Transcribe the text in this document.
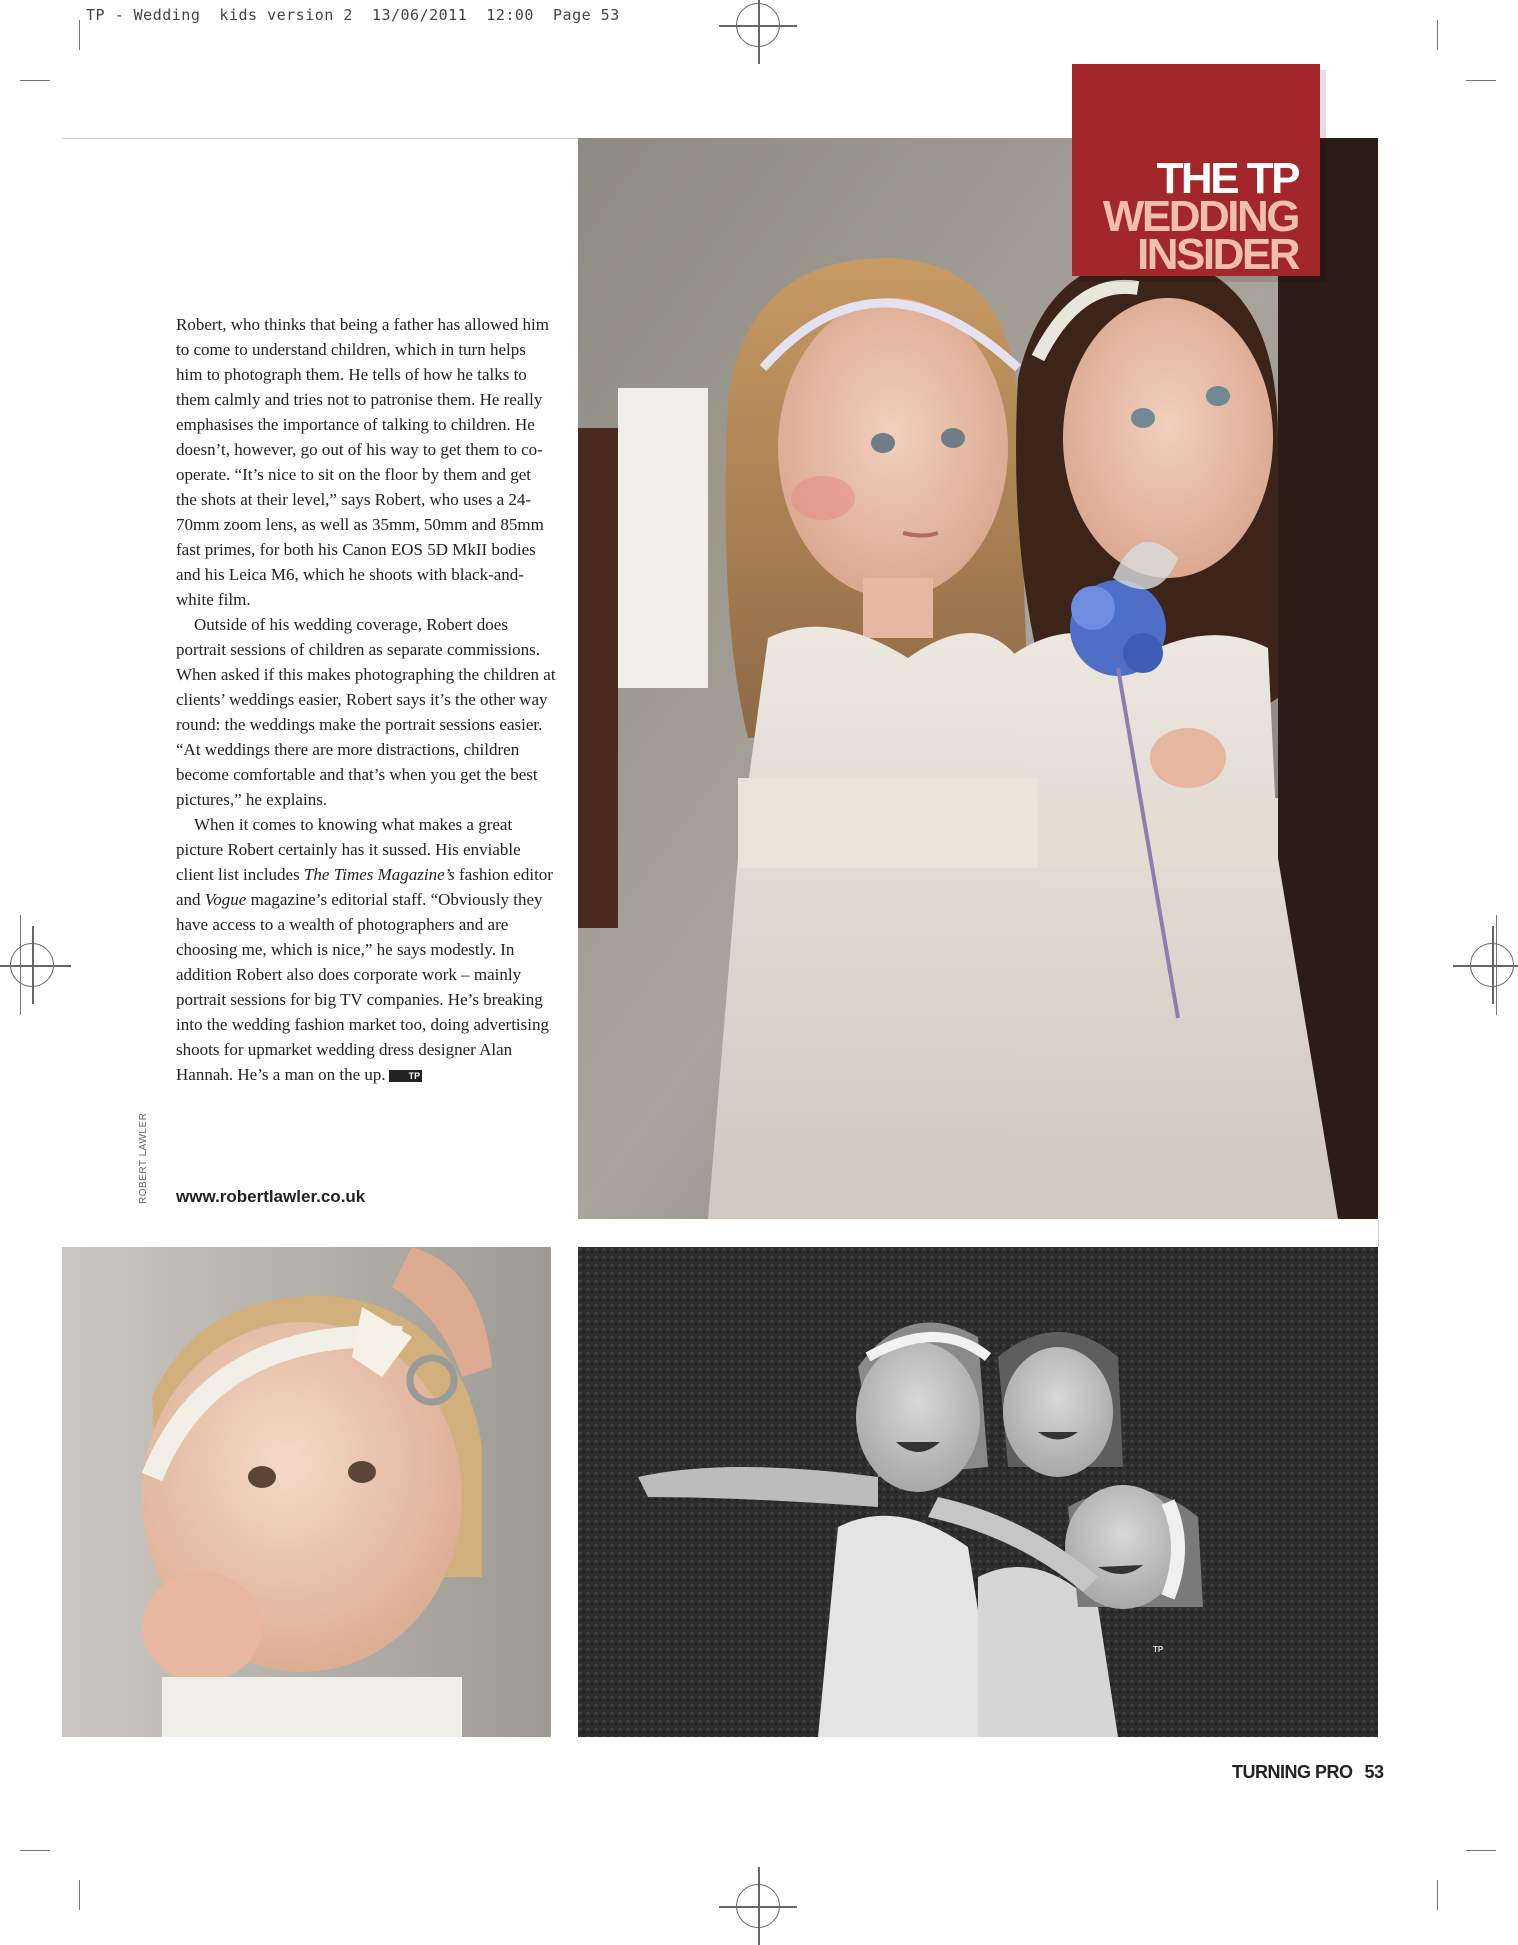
TP - Wedding  kids version 2  13/06/2011  12:00  Page 53
THE TP
WEDDING
INSIDER

Robert, who thinks that being a father has allowed him to come to understand children, which in turn helps him to photograph them. He tells of how he talks to them calmly and tries not to patronise them. He really emphasises the importance of talking to children. He doesn’t, however, go out of his way to get them to co-operate. “It’s nice to sit on the floor by them and get the shots at their level,” says Robert, who uses a 24-70mm zoom lens, as well as 35mm, 50mm and 85mm fast primes, for both his Canon EOS 5D MkII bodies and his Leica M6, which he shoots with black-and-white film.

Outside of his wedding coverage, Robert does portrait sessions of children as separate commissions. When asked if this makes photographing the children at clients’ weddings easier, Robert says it’s the other way round: the weddings make the portrait sessions easier. “At weddings there are more distractions, children become comfortable and that’s when you get the best pictures,” he explains.

When it comes to knowing what makes a great picture Robert certainly has it sussed. His enviable client list includes The Times Magazine’s fashion editor and Vogue magazine’s editorial staff. “Obviously they have access to a wealth of photographers and are choosing me, which is nice,” he says modestly. In addition Robert also does corporate work – mainly portrait sessions for big TV companies. He’s breaking into the wedding fashion market too, doing advertising shoots for upmarket wedding dress designer Alan Hannah. He’s a man on the up.	TP

ROBERT LAWLER www.robertlawler.co.uk
TP
TURNING PRO 53
